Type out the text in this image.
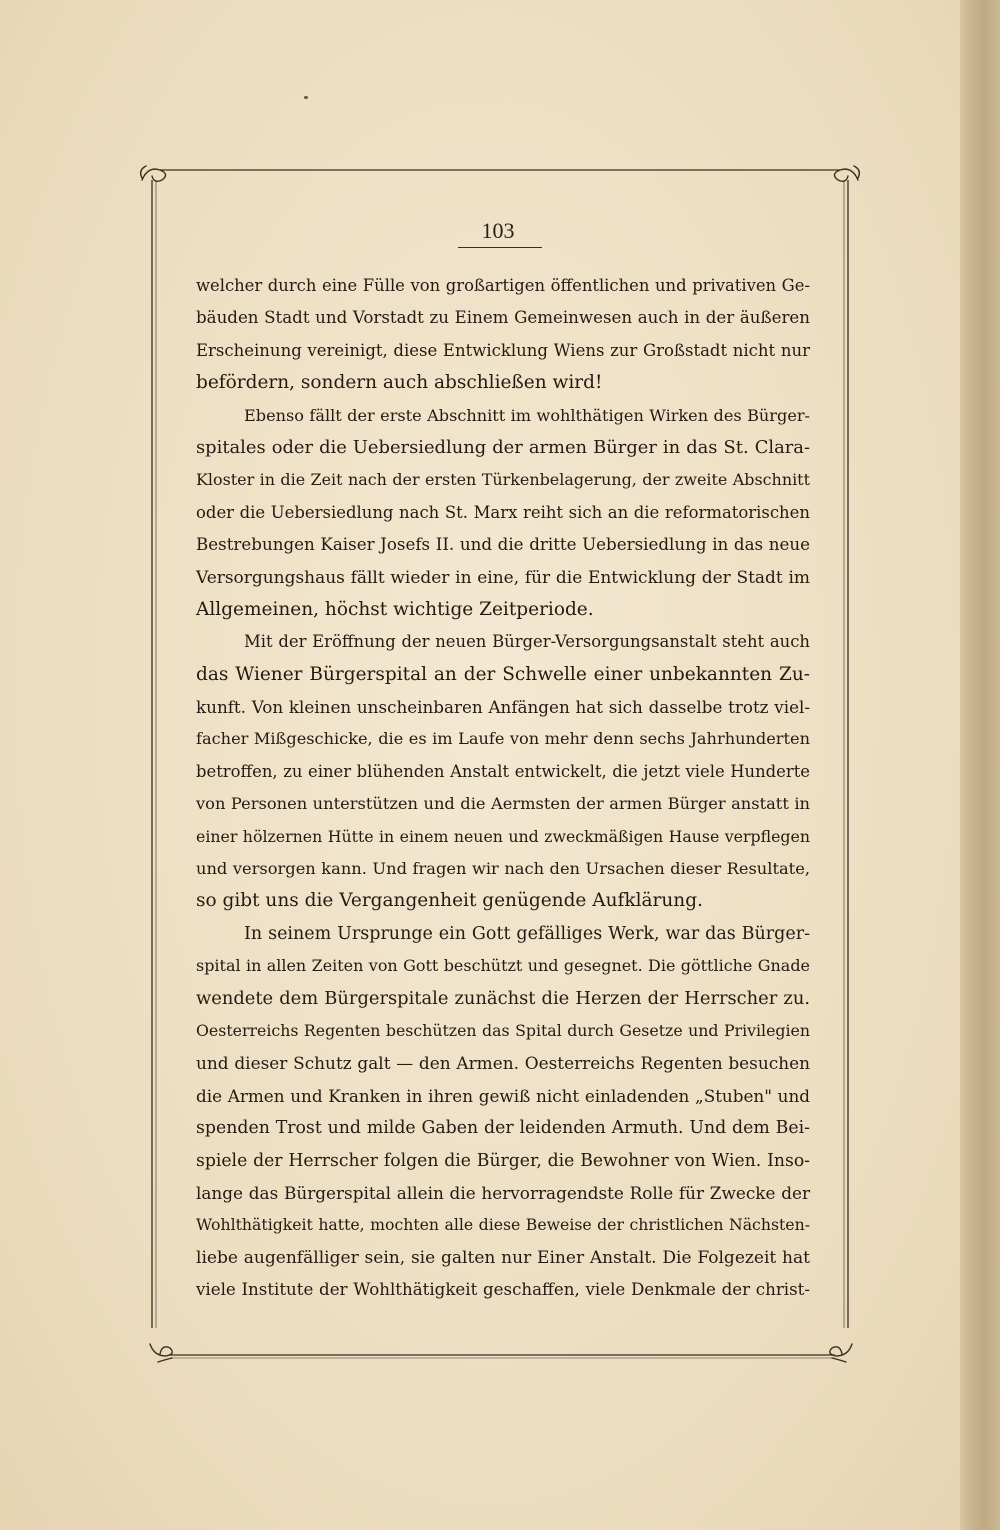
103
welcher durch eine Fülle von großartigen öffentlichen und privativen Ge-
bäuden Stadt und Vorstadt zu Einem Gemeinwesen auch in der äußeren
Erscheinung vereinigt, diese Entwicklung Wiens zur Großstadt nicht nur
befördern, sondern auch abschließen wird!
Ebenso fällt der erste Abschnitt im wohlthätigen Wirken des Bürger-
spitales oder die Uebersiedlung der armen Bürger in das St. Clara-
Kloster in die Zeit nach der ersten Türkenbelagerung, der zweite Abschnitt
oder die Uebersiedlung nach St. Marx reiht sich an die reformatorischen
Bestrebungen Kaiser Josefs II. und die dritte Uebersiedlung in das neue
Versorgungshaus fällt wieder in eine, für die Entwicklung der Stadt im
Allgemeinen, höchst wichtige Zeitperiode.
Mit der Eröffnung der neuen Bürger-Versorgungsanstalt steht auch
das Wiener Bürgerspital an der Schwelle einer unbekannten Zu-
kunft. Von kleinen unscheinbaren Anfängen hat sich dasselbe trotz viel-
facher Mißgeschicke, die es im Laufe von mehr denn sechs Jahrhunderten
betroffen, zu einer blühenden Anstalt entwickelt, die jetzt viele Hunderte
von Personen unterstützen und die Aermsten der armen Bürger anstatt in
einer hölzernen Hütte in einem neuen und zweckmäßigen Hause verpflegen
und versorgen kann. Und fragen wir nach den Ursachen dieser Resultate,
so gibt uns die Vergangenheit genügende Aufklärung.
In seinem Ursprunge ein Gott gefälliges Werk, war das Bürger-
spital in allen Zeiten von Gott beschützt und gesegnet. Die göttliche Gnade
wendete dem Bürgerspitale zunächst die Herzen der Herrscher zu.
Oesterreichs Regenten beschützen das Spital durch Gesetze und Privilegien
und dieser Schutz galt — den Armen. Oesterreichs Regenten besuchen
die Armen und Kranken in ihren gewiß nicht einladenden „Stuben" und
spenden Trost und milde Gaben der leidenden Armuth. Und dem Bei-
spiele der Herrscher folgen die Bürger, die Bewohner von Wien. Inso-
lange das Bürgerspital allein die hervorragendste Rolle für Zwecke der
Wohlthätigkeit hatte, mochten alle diese Beweise der christlichen Nächsten-
liebe augenfälliger sein, sie galten nur Einer Anstalt. Die Folgezeit hat
viele Institute der Wohlthätigkeit geschaffen, viele Denkmale der christ-
